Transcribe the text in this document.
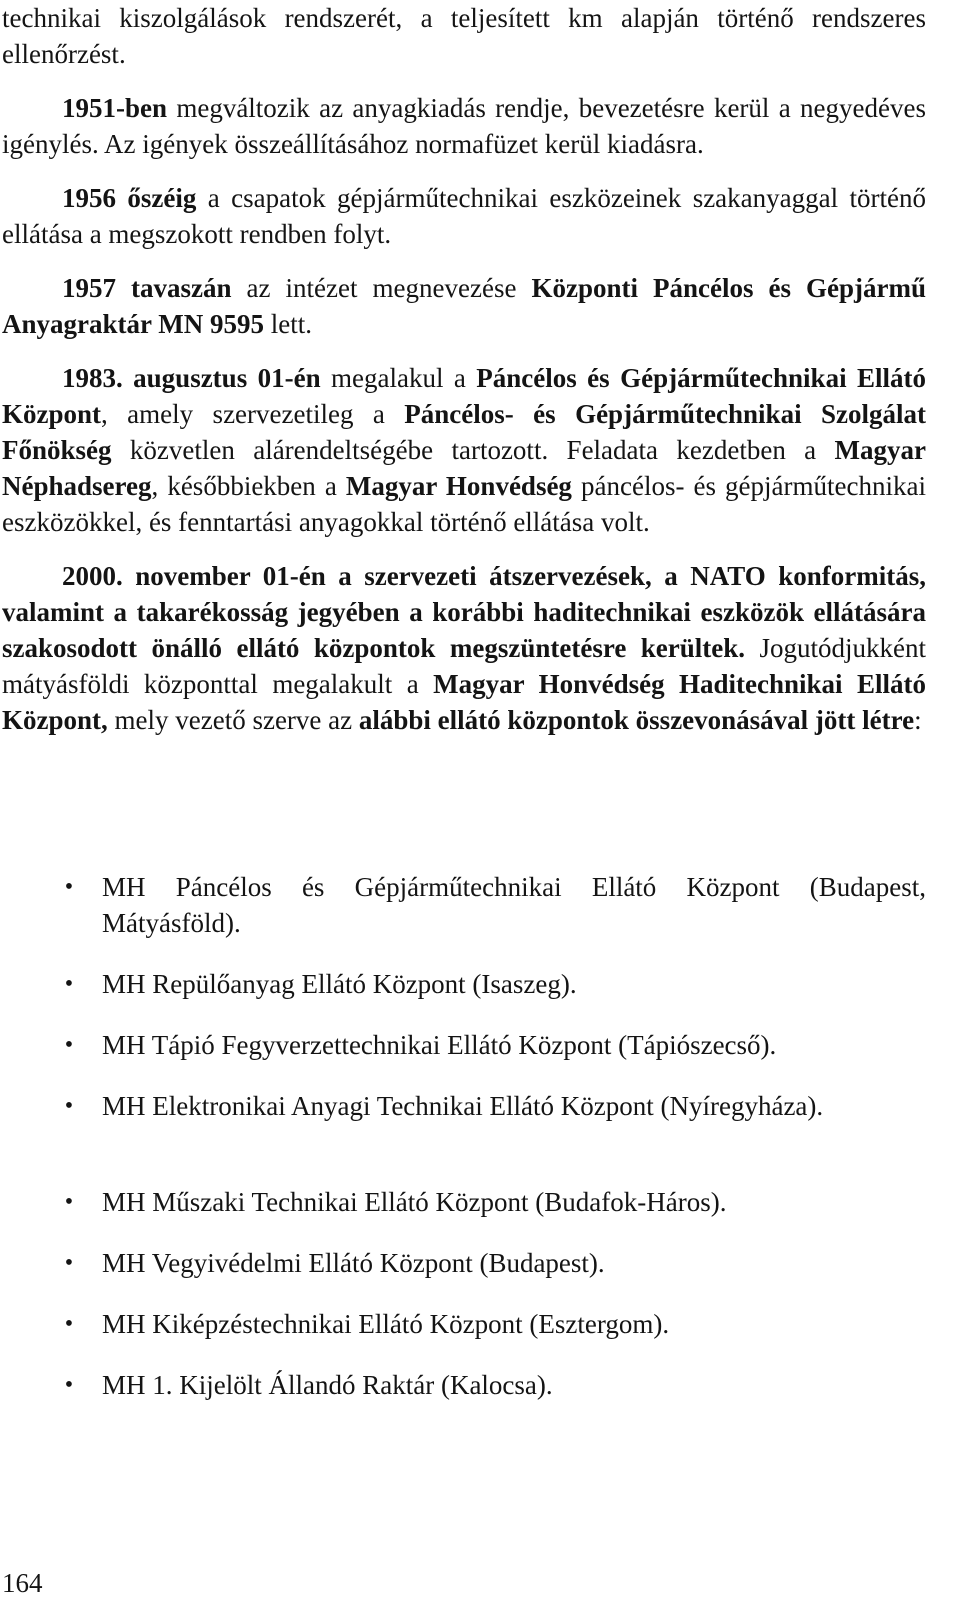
technikai kiszolgálások rendszerét, a teljesített km alapján történő rendszeres ellenőrzést.

1951-ben megváltozik az anyagkiadás rendje, bevezetésre kerül a negyedéves igénylés. Az igények összeállításához normafüzet kerül kiadásra.

1956 őszéig a csapatok gépjárműtechnikai eszközeinek szakanyaggal történő ellátása a megszokott rendben folyt.

1957 tavaszán az intézet megnevezése Központi Páncélos és Gépjármű Anyagraktár MN 9595 lett.

1983. augusztus 01-én megalakul a Páncélos és Gépjárműtechnikai Ellátó Központ, amely szervezetileg a Páncélos- és Gépjárműtechnikai Szolgálat Főnökség közvetlen alárendeltségébe tartozott. Feladata kezdetben a Magyar Néphadsereg, későbbiekben a Magyar Honvédség páncélos- és gépjárműtechnikai eszközökkel, és fenntartási anyagokkal történő ellátása volt.

2000. november 01-én a szervezeti átszervezések, a NATO konformitás, valamint a takarékosság jegyében a korábbi haditechnikai eszközök ellátására szakosodott önálló ellátó központok megszüntetésre kerültek. Jogutódjukként mátyásföldi központtal megalakult a Magyar Honvédség Haditechnikai Ellátó Központ, mely vezető szerve az alábbi ellátó központok összevonásával jött létre:

•	MH Páncélos és Gépjárműtechnikai Ellátó Központ (Budapest, Mátyásföld).
•	MH Repülőanyag Ellátó Központ (Isaszeg).
•	MH Tápió Fegyverzettechnikai Ellátó Központ (Tápiószecső).
•	MH Elektronikai Anyagi Technikai Ellátó Központ (Nyíregyháza).
•	MH Műszaki Technikai Ellátó Központ (Budafok-Háros).
•	MH Vegyivédelmi Ellátó Központ (Budapest).
•	MH Kiképzéstechnikai Ellátó Központ (Esztergom).
•	MH 1. Kijelölt Állandó Raktár (Kalocsa).
164
